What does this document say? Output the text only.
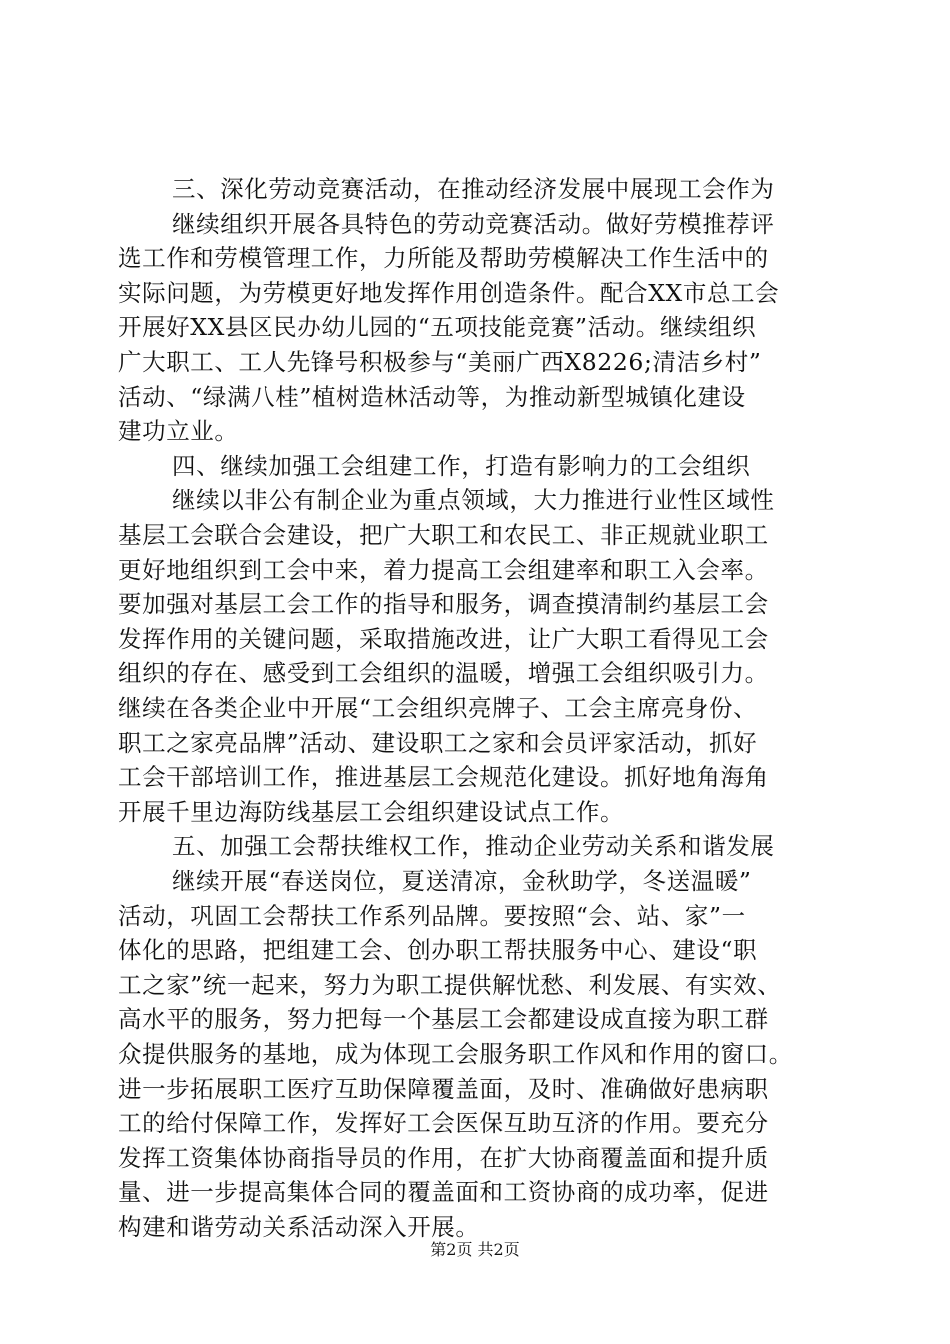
三、深化劳动竞赛活动，在推动经济发展中展现工会作为
继续组织开展各具特色的劳动竞赛活动。做好劳模推荐评
选工作和劳模管理工作，力所能及帮助劳模解决工作生活中的
实际问题，为劳模更好地发挥作用创造条件。配合XX市总工会
开展好XX县区民办幼儿园的“五项技能竞赛”活动。继续组织
广大职工、工人先锋号积极参与“美丽广西X8226;清洁乡村”
活动、“绿满八桂”植树造林活动等，为推动新型城镇化建设
建功立业。
四、继续加强工会组建工作，打造有影响力的工会组织
继续以非公有制企业为重点领域，大力推进行业性区域性
基层工会联合会建设，把广大职工和农民工、非正规就业职工
更好地组织到工会中来，着力提高工会组建率和职工入会率。
要加强对基层工会工作的指导和服务，调查摸清制约基层工会
发挥作用的关键问题，采取措施改进，让广大职工看得见工会
组织的存在、感受到工会组织的温暖，增强工会组织吸引力。
继续在各类企业中开展“工会组织亮牌子、工会主席亮身份、
职工之家亮品牌”活动、建设职工之家和会员评家活动，抓好
工会干部培训工作，推进基层工会规范化建设。抓好地角海角
开展千里边海防线基层工会组织建设试点工作。
五、加强工会帮扶维权工作，推动企业劳动关系和谐发展
继续开展“春送岗位，夏送清凉，金秋助学，冬送温暖”
活动，巩固工会帮扶工作系列品牌。要按照“会、站、家”一
体化的思路，把组建工会、创办职工帮扶服务中心、建设“职
工之家”统一起来，努力为职工提供解忧愁、利发展、有实效、
高水平的服务，努力把每一个基层工会都建设成直接为职工群
众提供服务的基地，成为体现工会服务职工作风和作用的窗口。
进一步拓展职工医疗互助保障覆盖面，及时、准确做好患病职
工的给付保障工作，发挥好工会医保互助互济的作用。要充分
发挥工资集体协商指导员的作用，在扩大协商覆盖面和提升质
量、进一步提高集体合同的覆盖面和工资协商的成功率，促进
构建和谐劳动关系活动深入开展。
第2页 共2页
